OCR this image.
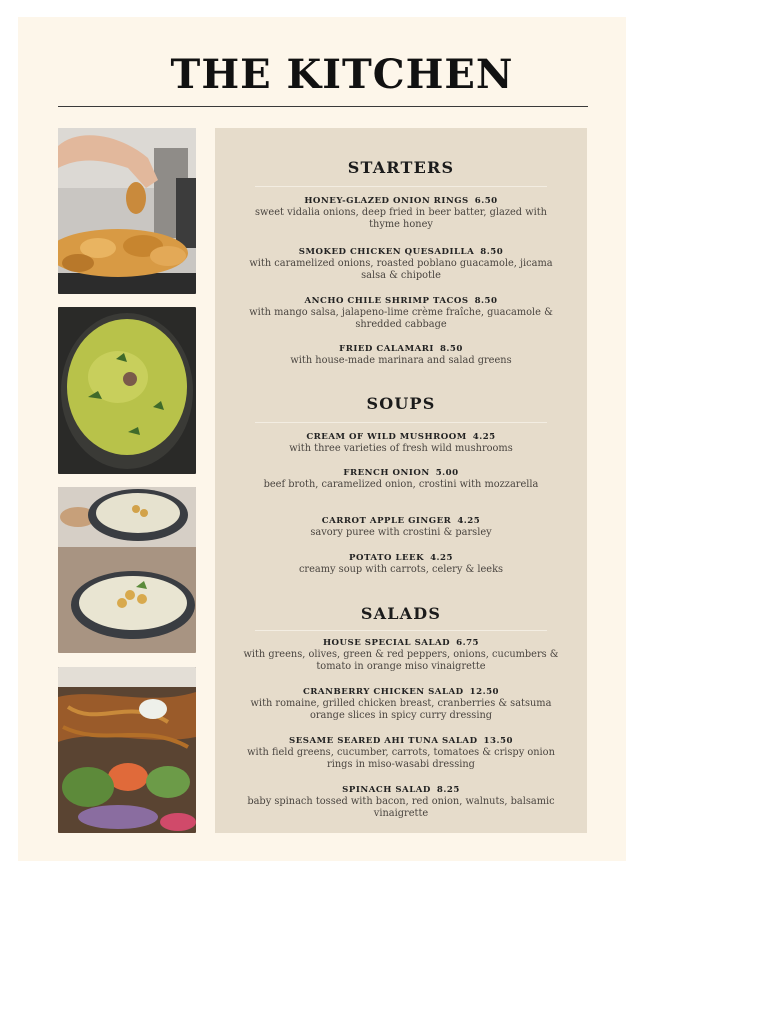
THE KITCHEN
STARTERS
HONEY-GLAZED ONION RINGS 6.50
sweet vidalia onions, deep fried in beer batter, glazed with thyme honey
SMOKED CHICKEN QUESADILLA 8.50
with caramelized onions, roasted poblano guacamole, jicama salsa & chipotle
ANCHO CHILE SHRIMP TACOS 8.50
with mango salsa, jalapeno-lime crème fraîche, guacamole & shredded cabbage
FRIED CALAMARI 8.50
with house-made marinara and salad greens
SOUPS
CREAM OF WILD MUSHROOM 4.25
with three varieties of fresh wild mushrooms
FRENCH ONION 5.00
beef broth, caramelized onion, crostini with mozzarella
CARROT APPLE GINGER 4.25
savory puree with crostini & parsley
POTATO LEEK 4.25
creamy soup with carrots, celery & leeks
SALADS
HOUSE SPECIAL SALAD 6.75
with greens, olives, green & red peppers, onions, cucumbers & tomato in orange miso vinaigrette
CRANBERRY CHICKEN SALAD 12.50
with romaine, grilled chicken breast, cranberries & satsuma orange slices in spicy curry dressing
SESAME SEARED AHI TUNA SALAD 13.50
with field greens, cucumber, carrots, tomatoes & crispy onion rings in miso-wasabi dressing
SPINACH SALAD 8.25
baby spinach tossed with bacon, red onion, walnuts, balsamic vinaigrette
